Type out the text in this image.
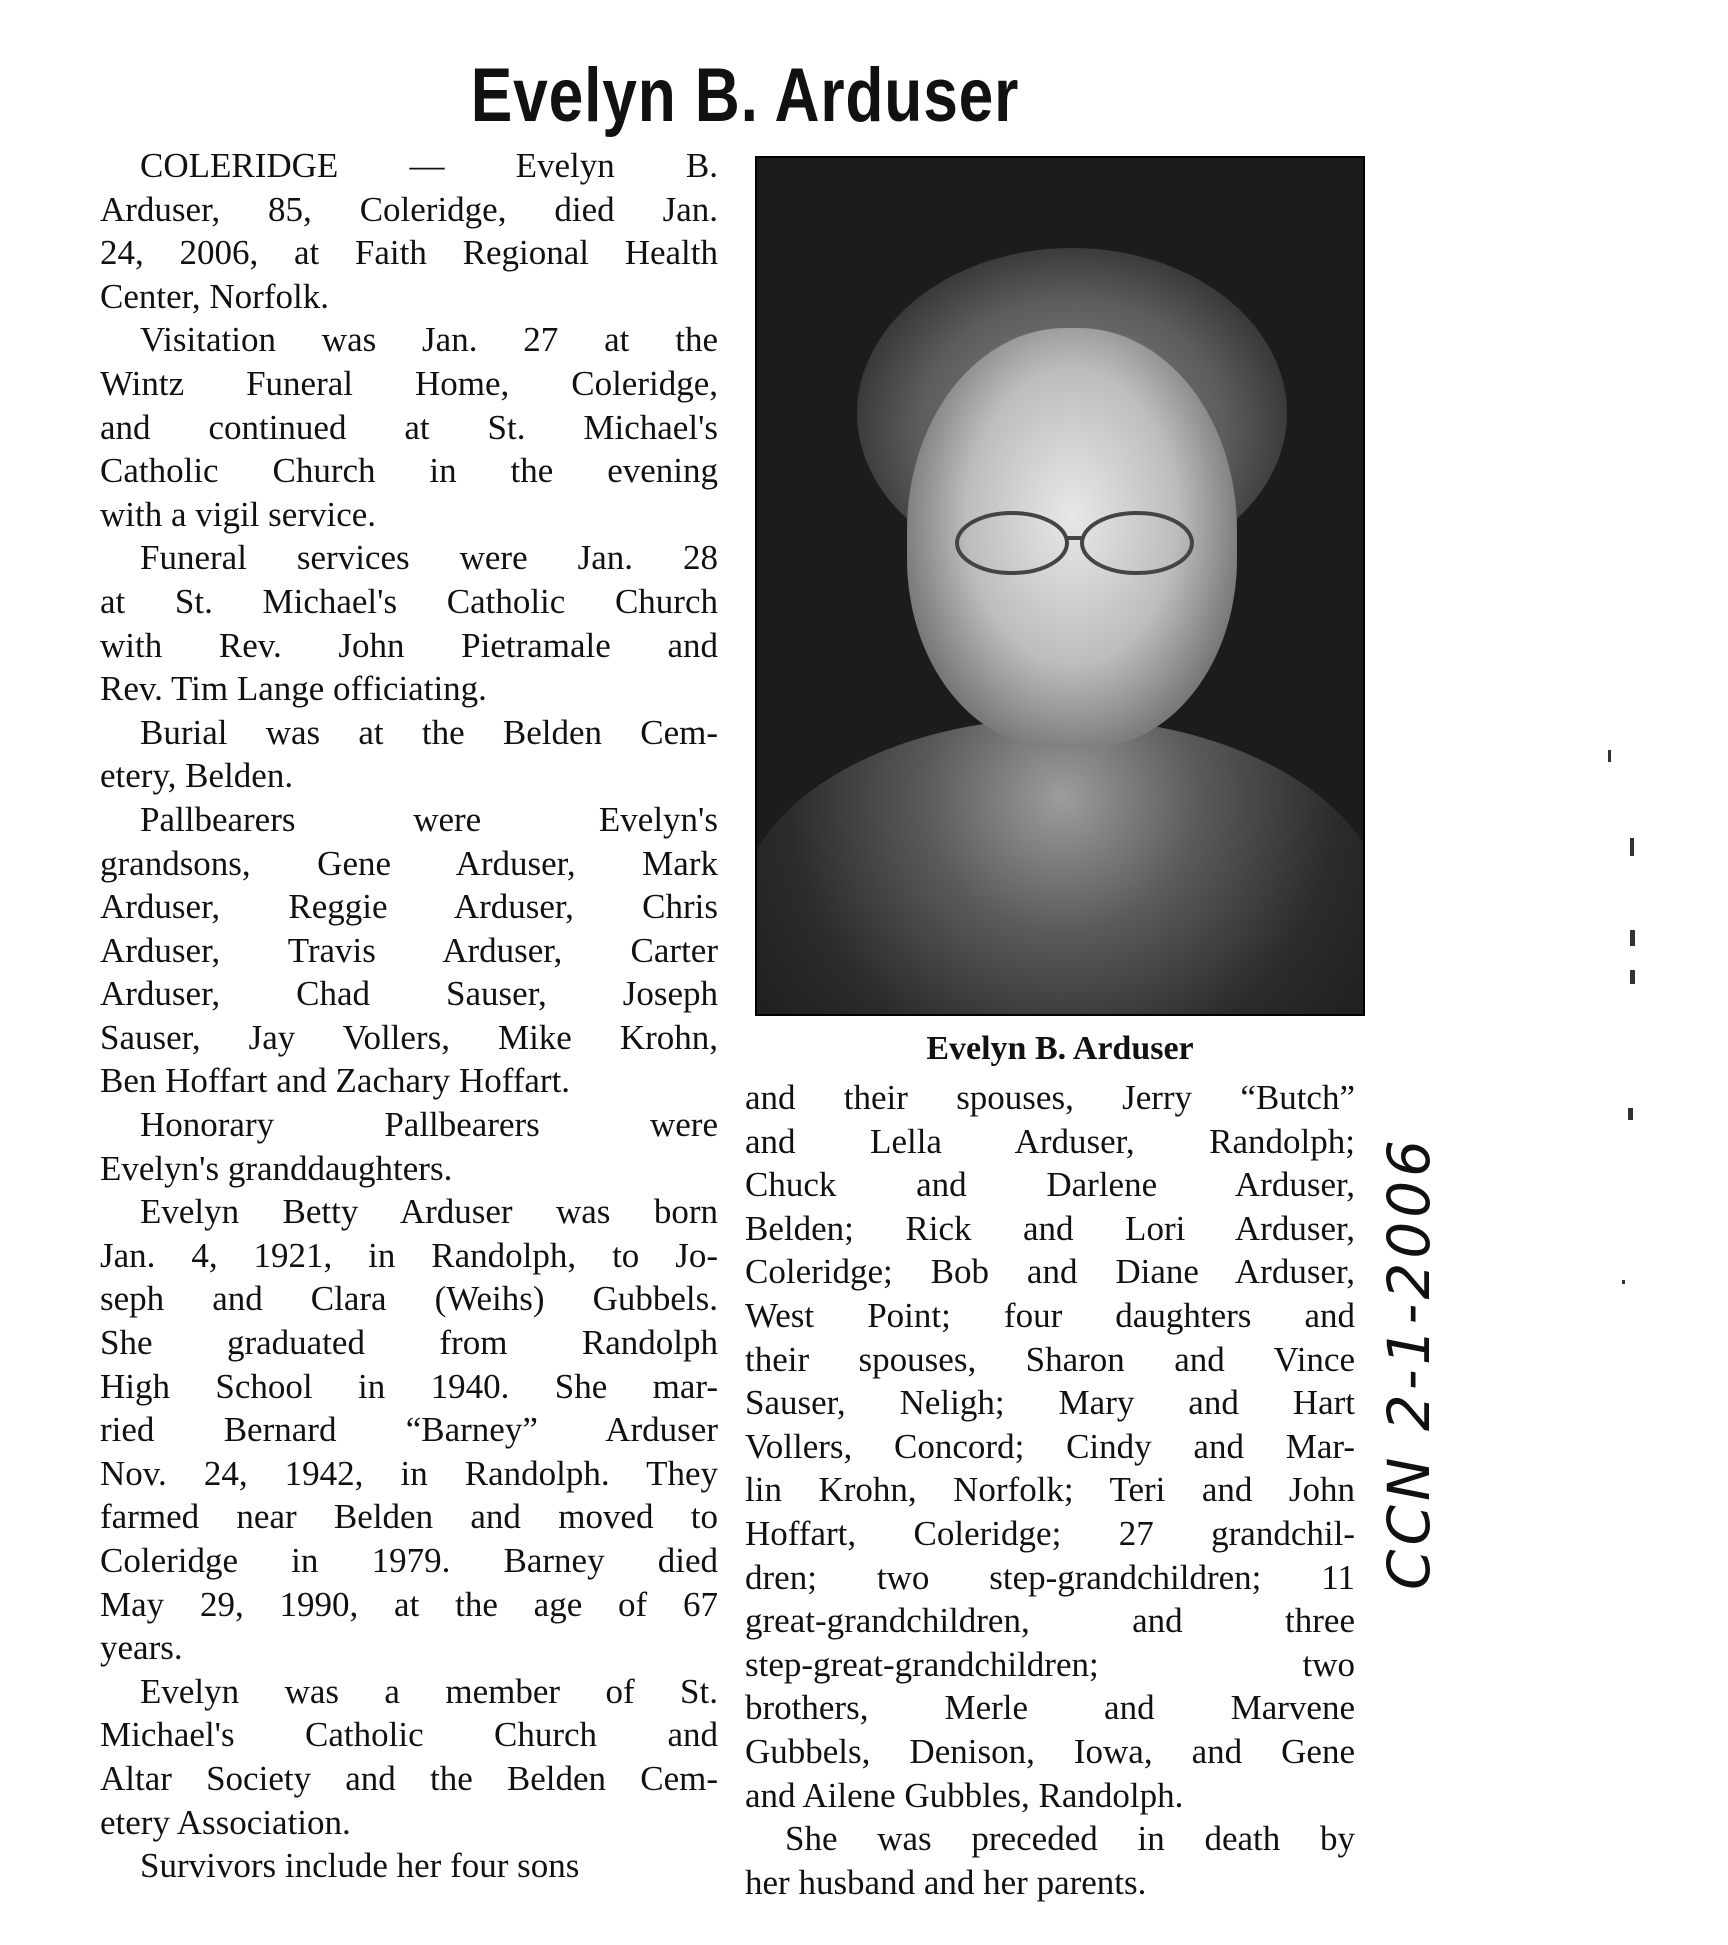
Evelyn B. Arduser
COLERIDGE — Evelyn B.
Arduser, 85, Coleridge, died Jan.
24, 2006, at Faith Regional Health
Center, Norfolk.
Visitation was Jan. 27 at the
Wintz Funeral Home, Coleridge,
and continued at St. Michael's
Catholic Church in the evening
with a vigil service.
Funeral services were Jan. 28
at St. Michael's Catholic Church
with Rev. John Pietramale and
Rev. Tim Lange officiating.
Burial was at the Belden Cem-
etery, Belden.
Pallbearers were Evelyn's
grandsons, Gene Arduser, Mark
Arduser, Reggie Arduser, Chris
Arduser, Travis Arduser, Carter
Arduser, Chad Sauser, Joseph
Sauser, Jay Vollers, Mike Krohn,
Ben Hoffart and Zachary Hoffart.
Honorary Pallbearers were
Evelyn's granddaughters.
Evelyn Betty Arduser was born
Jan. 4, 1921, in Randolph, to Jo-
seph and Clara (Weihs) Gubbels.
She graduated from Randolph
High School in 1940. She mar-
ried Bernard “Barney” Arduser
Nov. 24, 1942, in Randolph. They
farmed near Belden and moved to
Coleridge in 1979. Barney died
May 29, 1990, at the age of 67
years.
Evelyn was a member of St.
Michael's Catholic Church and
Altar Society and the Belden Cem-
etery Association.
Survivors include her four sons
Evelyn B. Arduser
and their spouses, Jerry “Butch”
and Lella Arduser, Randolph;
Chuck and Darlene Arduser,
Belden; Rick and Lori Arduser,
Coleridge; Bob and Diane Arduser,
West Point; four daughters and
their spouses, Sharon and Vince
Sauser, Neligh; Mary and Hart
Vollers, Concord; Cindy and Mar-
lin Krohn, Norfolk; Teri and John
Hoffart, Coleridge; 27 grandchil-
dren; two step-grandchildren; 11
great-grandchildren, and three
step-great-grandchildren; two
brothers, Merle and Marvene
Gubbels, Denison, Iowa, and Gene
and Ailene Gubbles, Randolph.
She was preceded in death by
her husband and her parents.
CCN 2-1-2006
